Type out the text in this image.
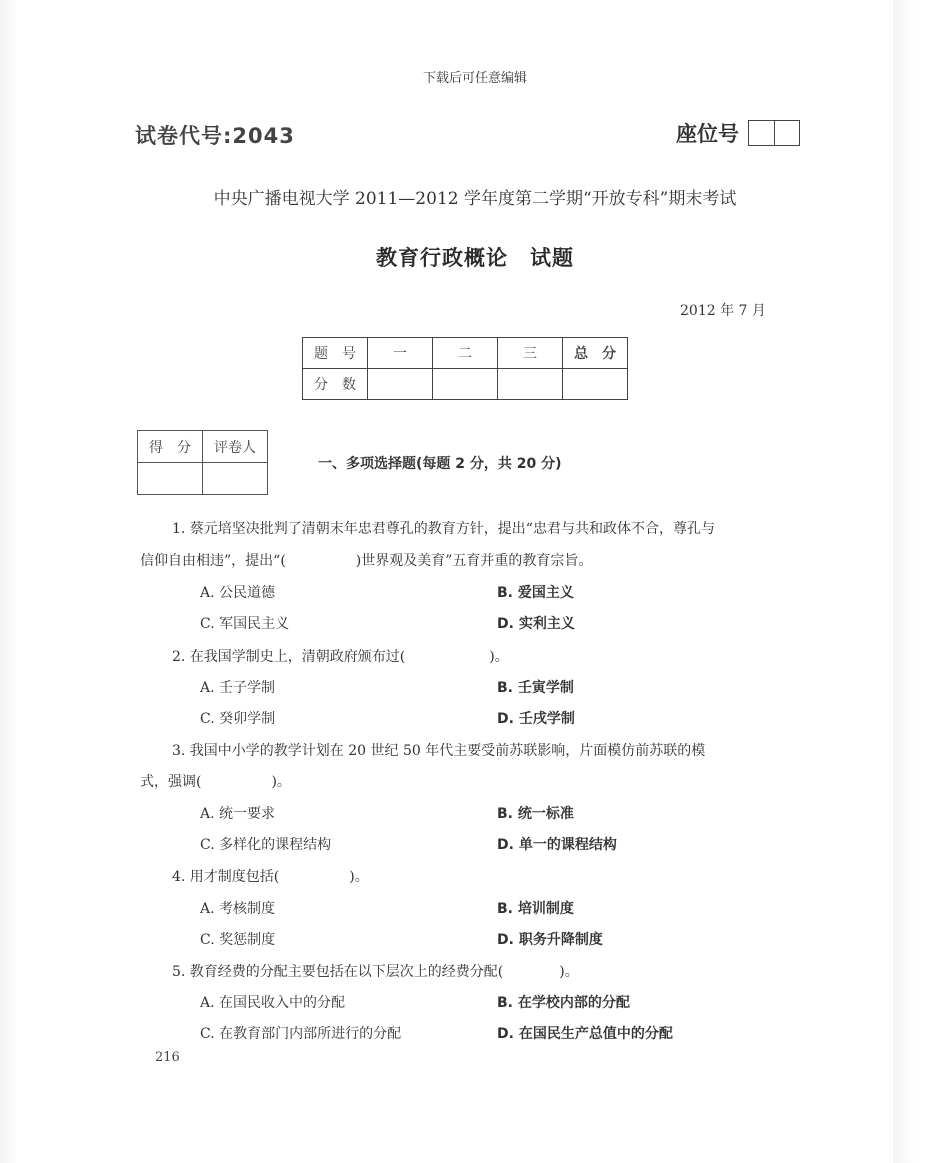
下载后可任意编辑
试卷代号:2043	座位号
中央广播电视大学 2011—2012 学年度第二学期“开放专科”期末考试
教育行政概论　试题
2012 年 7 月
题　号	一	二	三	总　分
分　数				
得　分	评卷人

一、多项选择题(每题 2 分，共 20 分)
1. 蔡元培坚决批判了清朝末年忠君尊孔的教育方针，提出“忠君与共和政体不合，尊孔与
信仰自由相违”，提出“(　　　　　)世界观及美育”五育并重的教育宗旨。
A. 公民道德	B. 爱国主义
C. 军国民主义	D. 实利主义
2. 在我国学制史上，清朝政府颁布过(　　　　　　)。
A. 壬子学制	B. 壬寅学制
C. 癸卯学制	D. 壬戌学制
3. 我国中小学的教学计划在 20 世纪 50 年代主要受前苏联影响，片面模仿前苏联的模
式，强调(　　　　　)。
A. 统一要求	B. 统一标准
C. 多样化的课程结构	D. 单一的课程结构
4. 用才制度包括(　　　　　)。
A. 考核制度	B. 培训制度
C. 奖惩制度	D. 职务升降制度
5. 教育经费的分配主要包括在以下层次上的经费分配(　　　　)。
A. 在国民收入中的分配	B. 在学校内部的分配
C. 在教育部门内部所进行的分配	D. 在国民生产总值中的分配
216
